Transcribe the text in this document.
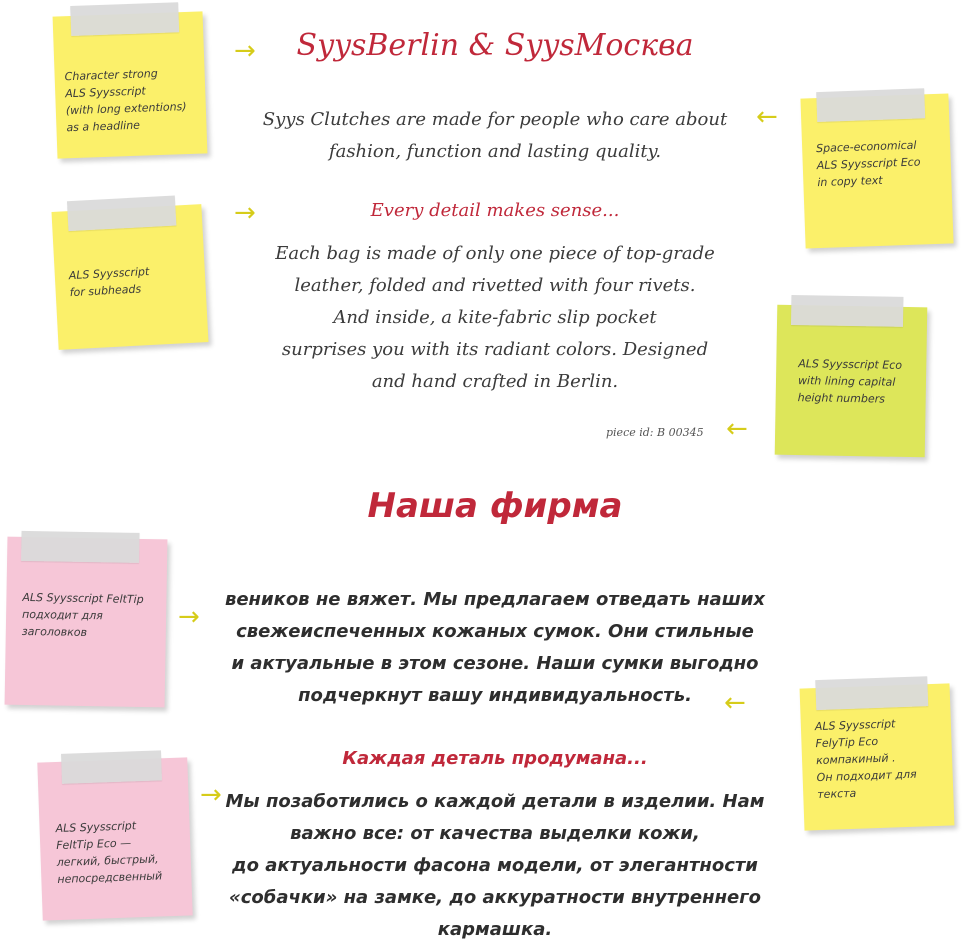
Character strong
ALS Syysscript
(with long extentions)
as a headline
ALS Syysscript
for subheads
Space-economical
ALS Syysscript Eco
in copy text
ALS Syysscript Eco
with lining capital
height numbers
ALS Syysscript FeltTip
подходит для
заголовков
ALS Syysscript
FeltTip Eco —
легкий, быстрый,
непосредсвенный
ALS Syysscript
FelyTip Eco
компакиный .
Он подходит для
текста
→
→
←
←
→
←
→
SyysBerlin & SyysМосква
Syys Clutches are made for people who care about
fashion, function and lasting quality.
Every detail makes sense...
Each bag is made of only one piece of top-grade
leather, folded and rivetted with four rivets.
And inside, a kite-fabric slip pocket
surprises you with its radiant colors. Designed
and hand crafted in Berlin.
piece id: B 00345
Наша фирма
веников не вяжет. Мы предлагаем отведать наших
свежеиспеченных кожаных сумок. Они стильные
и актуальные в этом сезоне. Наши сумки выгодно
подчеркнут вашу индивидуальность.
Каждая деталь продумана...
Мы позаботились о каждой детали в изделии. Нам
важно все: от качества выделки кожи,
до актуальности фасона модели, от элегантности
«собачки» на замке, до аккуратности внутреннего
кармашка.
